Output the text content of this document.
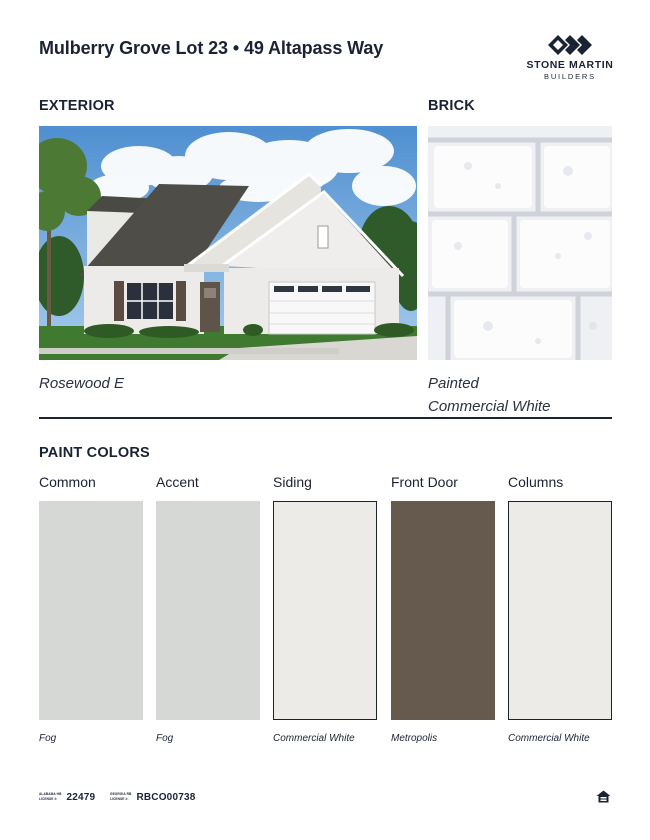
Mulberry Grove Lot 23 • 49 Altapass Way
STONE MARTIN
BUILDERS
EXTERIOR	BRICK
Rosewood E	Painted
Commercial White
PAINT COLORS
Common	Accent	Siding	Front Door	Columns
Fog	Fog	Commercial White	Metropolis	Commercial White
ALABAMA HB
LICENSE #: 22479	GEORGIA RB
LICENSE #: RBCO00738
